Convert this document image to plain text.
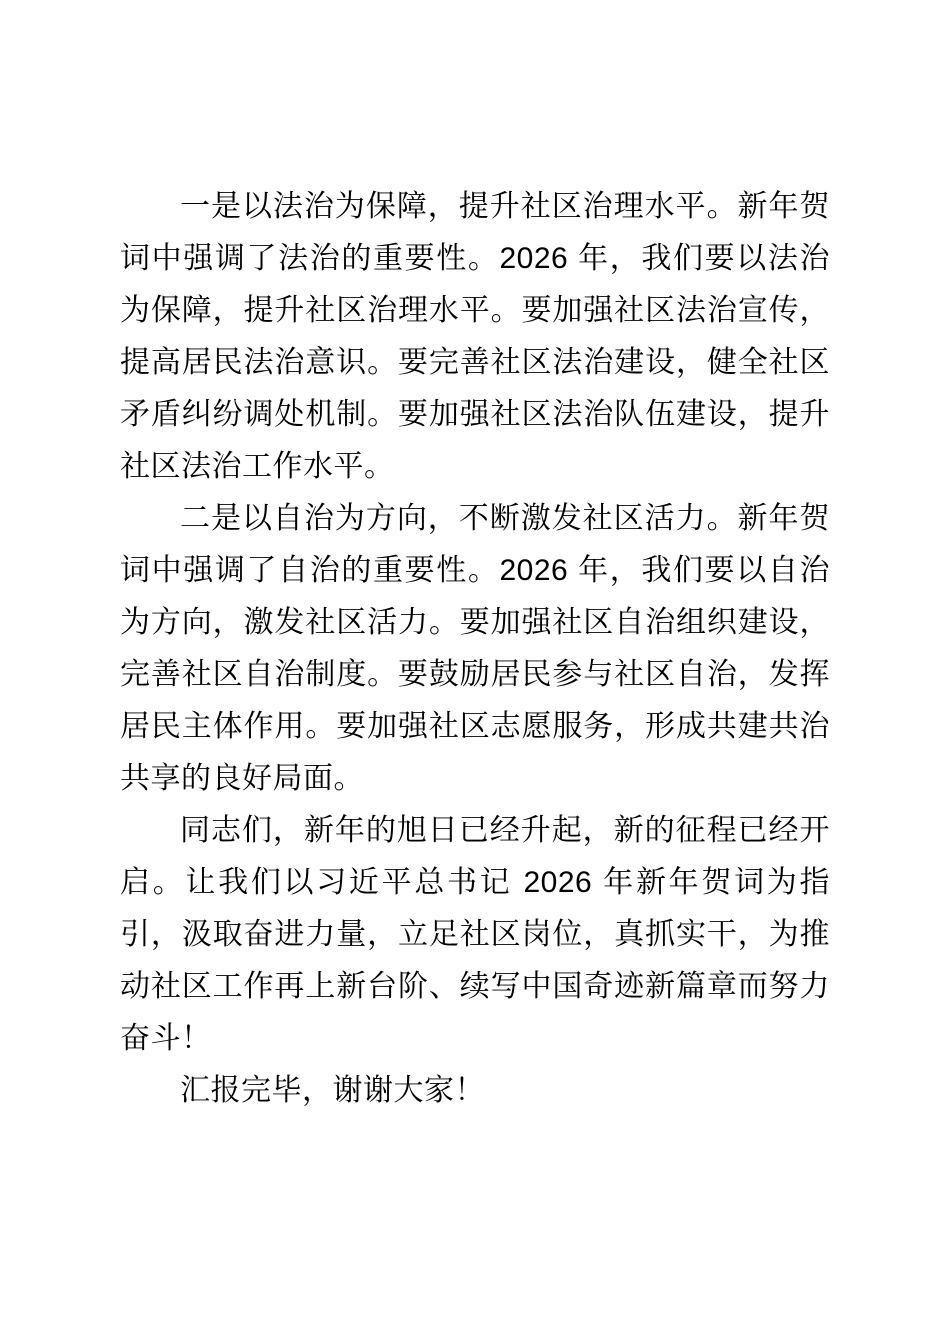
一是以法治为保障，提升社区治理水平。新年贺词中强调了法治的重要性。2026 年，我们要以法治为保障，提升社区治理水平。要加强社区法治宣传，提高居民法治意识。要完善社区法治建设，健全社区矛盾纠纷调处机制。要加强社区法治队伍建设，提升社区法治工作水平。

二是以自治为方向，不断激发社区活力。新年贺词中强调了自治的重要性。2026 年，我们要以自治为方向，激发社区活力。要加强社区自治组织建设，完善社区自治制度。要鼓励居民参与社区自治，发挥居民主体作用。要加强社区志愿服务，形成共建共治共享的良好局面。

同志们，新年的旭日已经升起，新的征程已经开启。让我们以习近平总书记 2026 年新年贺词为指引，汲取奋进力量，立足社区岗位，真抓实干，为推动社区工作再上新台阶、续写中国奇迹新篇章而努力奋斗！

汇报完毕，谢谢大家！
